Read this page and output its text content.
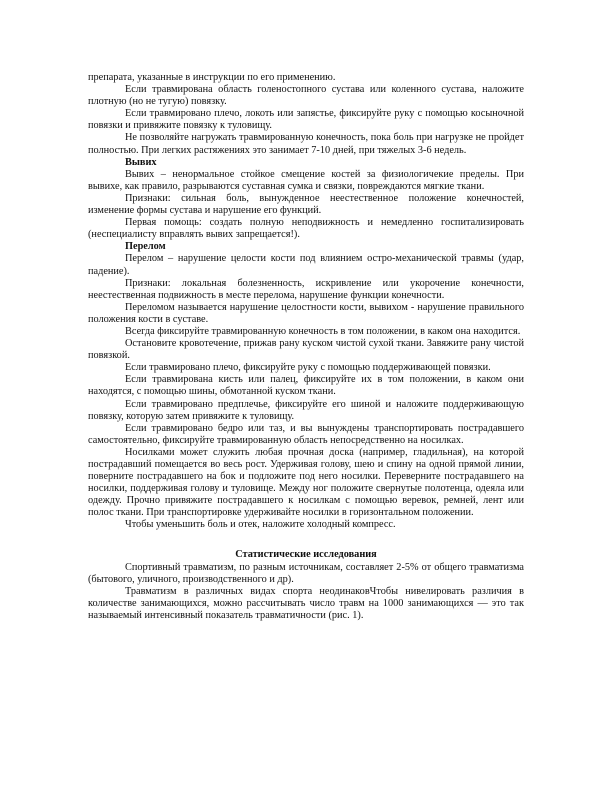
препарата, указанные в инструкции по его применению.

Если травмирована область голеностопного сустава или коленного сустава, наложите плотную (но не тугую) повязку.

Если травмировано плечо, локоть или запястье, фиксируйте руку с помощью косыночной повязки и привяжите повязку к туловищу.

Не позволяйте нагружать травмированную конечность, пока боль при нагрузке не пройдет полностью. При легких растяжениях это занимает 7-10 дней, при тяжелых 3-6 недель.

Вывих

Вывих – ненормальное стойкое смещение костей за физиологичекие пределы. При вывихе, как правило, разрываются суставная сумка и связки, повреждаются мягкие ткани.

Признаки: сильная боль, вынужденное неестественное положение конечностей, изменение формы сустава и нарушение его функций.

Первая помощь: создать полную неподвижность и немедленно госпитализировать (неспециалисту вправлять вывих запрещается!).

Перелом

Перелом – нарушение целости кости под влиянием остро-механической травмы (удар, падение).

Признаки: локальная болезненность, искривление или укорочение конечности, неестественная подвижность в месте перелома, нарушение функции конечности.

Переломом называется нарушение целостности кости, вывихом - нарушение правильного положения кости в суставе.

Всегда фиксируйте травмированную конечность в том положении, в каком она находится.

Остановите кровотечение, прижав рану куском чистой сухой ткани. Завяжите рану чистой повязкой.

Если травмировано плечо, фиксируйте руку с помощью поддерживающей повязки.

Если травмирована кисть или палец, фиксируйте их в том положении, в каком они находятся, с помощью шины, обмотанной куском ткани.

Если травмировано предплечье, фиксируйте его шиной и наложите поддерживающую повязку, которую затем привяжите к туловищу.

Если травмировано бедро или таз, и вы вынуждены транспортировать пострадавшего самостоятельно, фиксируйте травмированную область непосредственно на носилках.

Носилками может служить любая прочная доска (например, гладильная), на которой пострадавший помещается во весь рост. Удерживая голову, шею и спину на одной прямой линии, поверните пострадавшего на бок и подложите под него носилки. Переверните пострадавшего на носилки, поддерживая голову и туловище. Между ног положите свернутые полотенца, одеяла или одежду. Прочно привяжите пострадавшего к носилкам с помощью веревок, ремней, лент или полос ткани. При транспортировке удерживайте носилки в горизонтальном положении.

Чтобы уменьшить боль и отек, наложите холодный компресс.

Статистические исследования

Спортивный травматизм, по разным источникам, составляет 2-5% от общего травматизма (бытового, уличного, производственного и др).

Травматизм в различных видах спорта неодинаковЧтобы нивелировать различия в количестве занимающихся, можно рассчитывать число травм на 1000 занимающихся — это так называемый интенсивный показатель травматичности (рис. 1).
